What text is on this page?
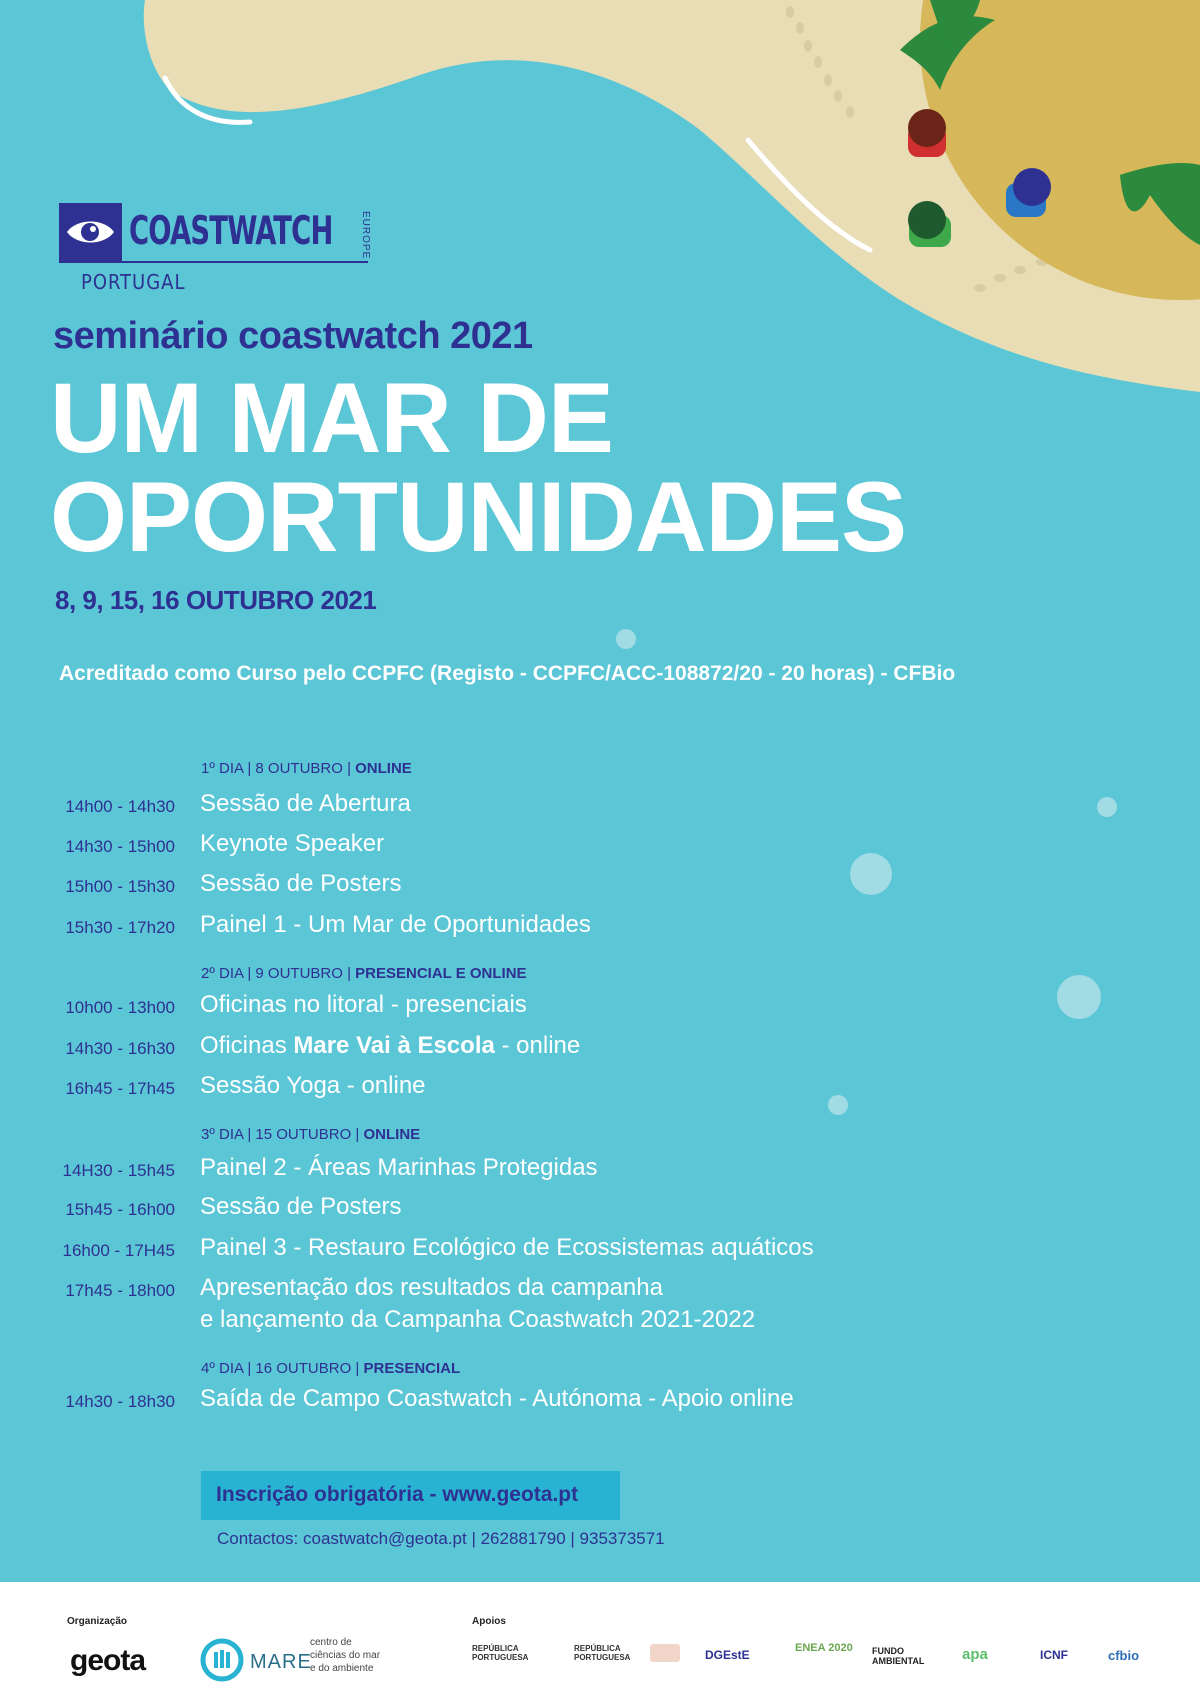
COASTWATCH	EUROPE
PORTUGAL
seminário coastwatch 2021
UM MAR DE
OPORTUNIDADES
8, 9, 15, 16 OUTUBRO 2021
Acreditado como Curso pelo CCPFC (Registo - CCPFC/ACC-108872/20 - 20 horas) - CFBio
1º DIA | 8 OUTUBRO | ONLINE
14h00 - 14h30 Sessão de Abertura
14h30 - 15h00 Keynote Speaker
15h00 - 15h30 Sessão de Posters
15h30 - 17h20 Painel 1 - Um Mar de Oportunidades
2º DIA | 9 OUTUBRO | PRESENCIAL E ONLINE
10h00 - 13h00 Oficinas no litoral - presenciais
14h30 - 16h30 Oficinas Mare Vai à Escola - online
16h45 - 17h45 Sessão Yoga - online
3º DIA | 15 OUTUBRO | ONLINE
14H30 - 15h45 Painel 2 - Áreas Marinhas Protegidas
15h45 - 16h00 Sessão de Posters
16h00 - 17H45 Painel 3 - Restauro Ecológico de Ecossistemas aquáticos
17h45 - 18h00 Apresentação dos resultados da campanha
e lançamento da Campanha Coastwatch 2021-2022
4º DIA | 16 OUTUBRO | PRESENCIAL
14h30 - 18h30 Saída de Campo Coastwatch - Autónoma - Apoio online
Inscrição obrigatória - www.geota.pt
Contactos: coastwatch@geota.pt | 262881790 | 935373571
Organização	Apoios
geota	MARE
centro de
ciências do mar
e do ambiente
REPÚBLICA PORTUGUESA
REPÚBLICA PORTUGUESA	DGEstE	ENEA 2020 FUNDO AMBIENTAL	apa	ICNF	cfbio
